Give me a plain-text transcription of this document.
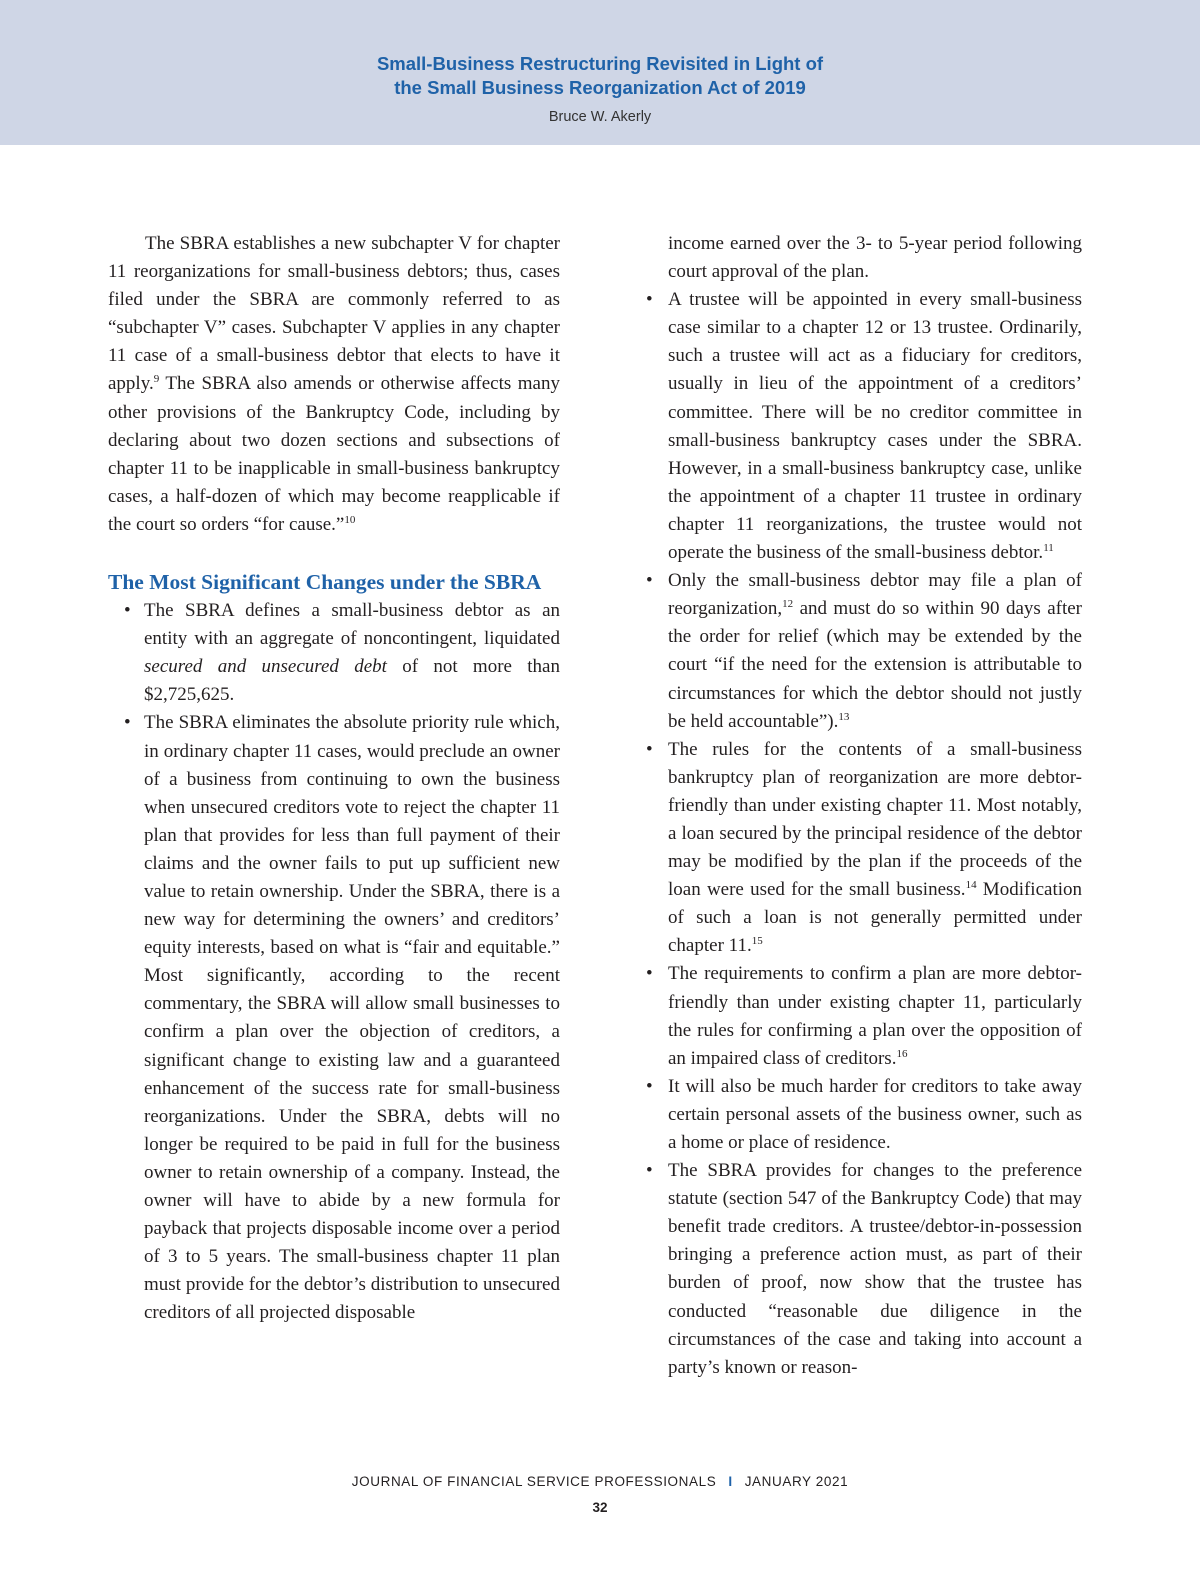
Small-Business Restructuring Revisited in Light of
the Small Business Reorganization Act of 2019
Bruce W. Akerly

The SBRA establishes a new subchapter V for chapter 11 reorganizations for small-business debtors; thus, cases filed under the SBRA are commonly referred to as “subchapter V” cases. Subchapter V applies in any chapter 11 case of a small-business debtor that elects to have it apply.$^9$ The SBRA also amends or otherwise affects many other provisions of the Bankruptcy Code, including by declaring about two dozen sections and subsections of chapter 11 to be inapplicable in small-business bankruptcy cases, a half-dozen of which may become reapplicable if the court so orders “for cause.”$^{10}$

The Most Significant Changes under the SBRA
• The SBRA defines a small-business debtor as an entity with an aggregate of noncontingent, liquidated secured and unsecured debt of not more than $2,725,625.
• The SBRA eliminates the absolute priority rule which, in ordinary chapter 11 cases, would preclude an owner of a business from continuing to own the business when unsecured creditors vote to reject the chapter 11 plan that provides for less than full payment of their claims and the owner fails to put up sufficient new value to retain ownership. Under the SBRA, there is a new way for determining the owners’ and creditors’ equity interests, based on what is “fair and equitable.” Most significantly, according to the recent commentary, the SBRA will allow small businesses to confirm a plan over the objection of creditors, a significant change to existing law and a guaranteed enhancement of the success rate for small-business reorganizations. Under the SBRA, debts will no longer be required to be paid in full for the business owner to retain ownership of a company. Instead, the owner will have to abide by a new formula for payback that projects disposable income over a period of 3 to 5 years. The small-business chapter 11 plan must provide for the debtor’s distribution to unsecured creditors of all projected disposable

income earned over the 3- to 5-year period following court approval of the plan.

• A trustee will be appointed in every small-business case similar to a chapter 12 or 13 trustee. Ordinarily, such a trustee will act as a fiduciary for creditors, usually in lieu of the appointment of a creditors’ committee. There will be no creditor committee in small-business bankruptcy cases under the SBRA. However, in a small-business bankruptcy case, unlike the appointment of a chapter 11 trustee in ordinary chapter 11 reorganizations, the trustee would not operate the business of the small-business debtor.$^{11}$
• Only the small-business debtor may file a plan of reorganization,$^{12}$ and must do so within 90 days after the order for relief (which may be extended by the court “if the need for the extension is attributable to circumstances for which the debtor should not justly be held accountable”).$^{13}$
• The rules for the contents of a small-business bankruptcy plan of reorganization are more debtor-friendly than under existing chapter 11. Most notably, a loan secured by the principal residence of the debtor may be modified by the plan if the proceeds of the loan were used for the small business.$^{14}$ Modification of such a loan is not generally permitted under chapter 11.15
• The requirements to confirm a plan are more debtor-friendly than under existing chapter 11, particularly the rules for confirming a plan over the opposition of an impaired class of creditors.$^{16}$
• It will also be much harder for creditors to take away certain personal assets of the business owner, such as a home or place of residence.
• The SBRA provides for changes to the preference statute (section 547 of the Bankruptcy Code) that may benefit trade creditors. A trustee/debtor-in-possession bringing a preference action must, as part of their burden of proof, now show that the trustee has conducted “reasonable due diligence in the circumstances of the case and taking into account a party’s known or reason-
JOURNAL OF FINANCIAL SERVICE PROFESSIONALS I JANUARY 2021
32
